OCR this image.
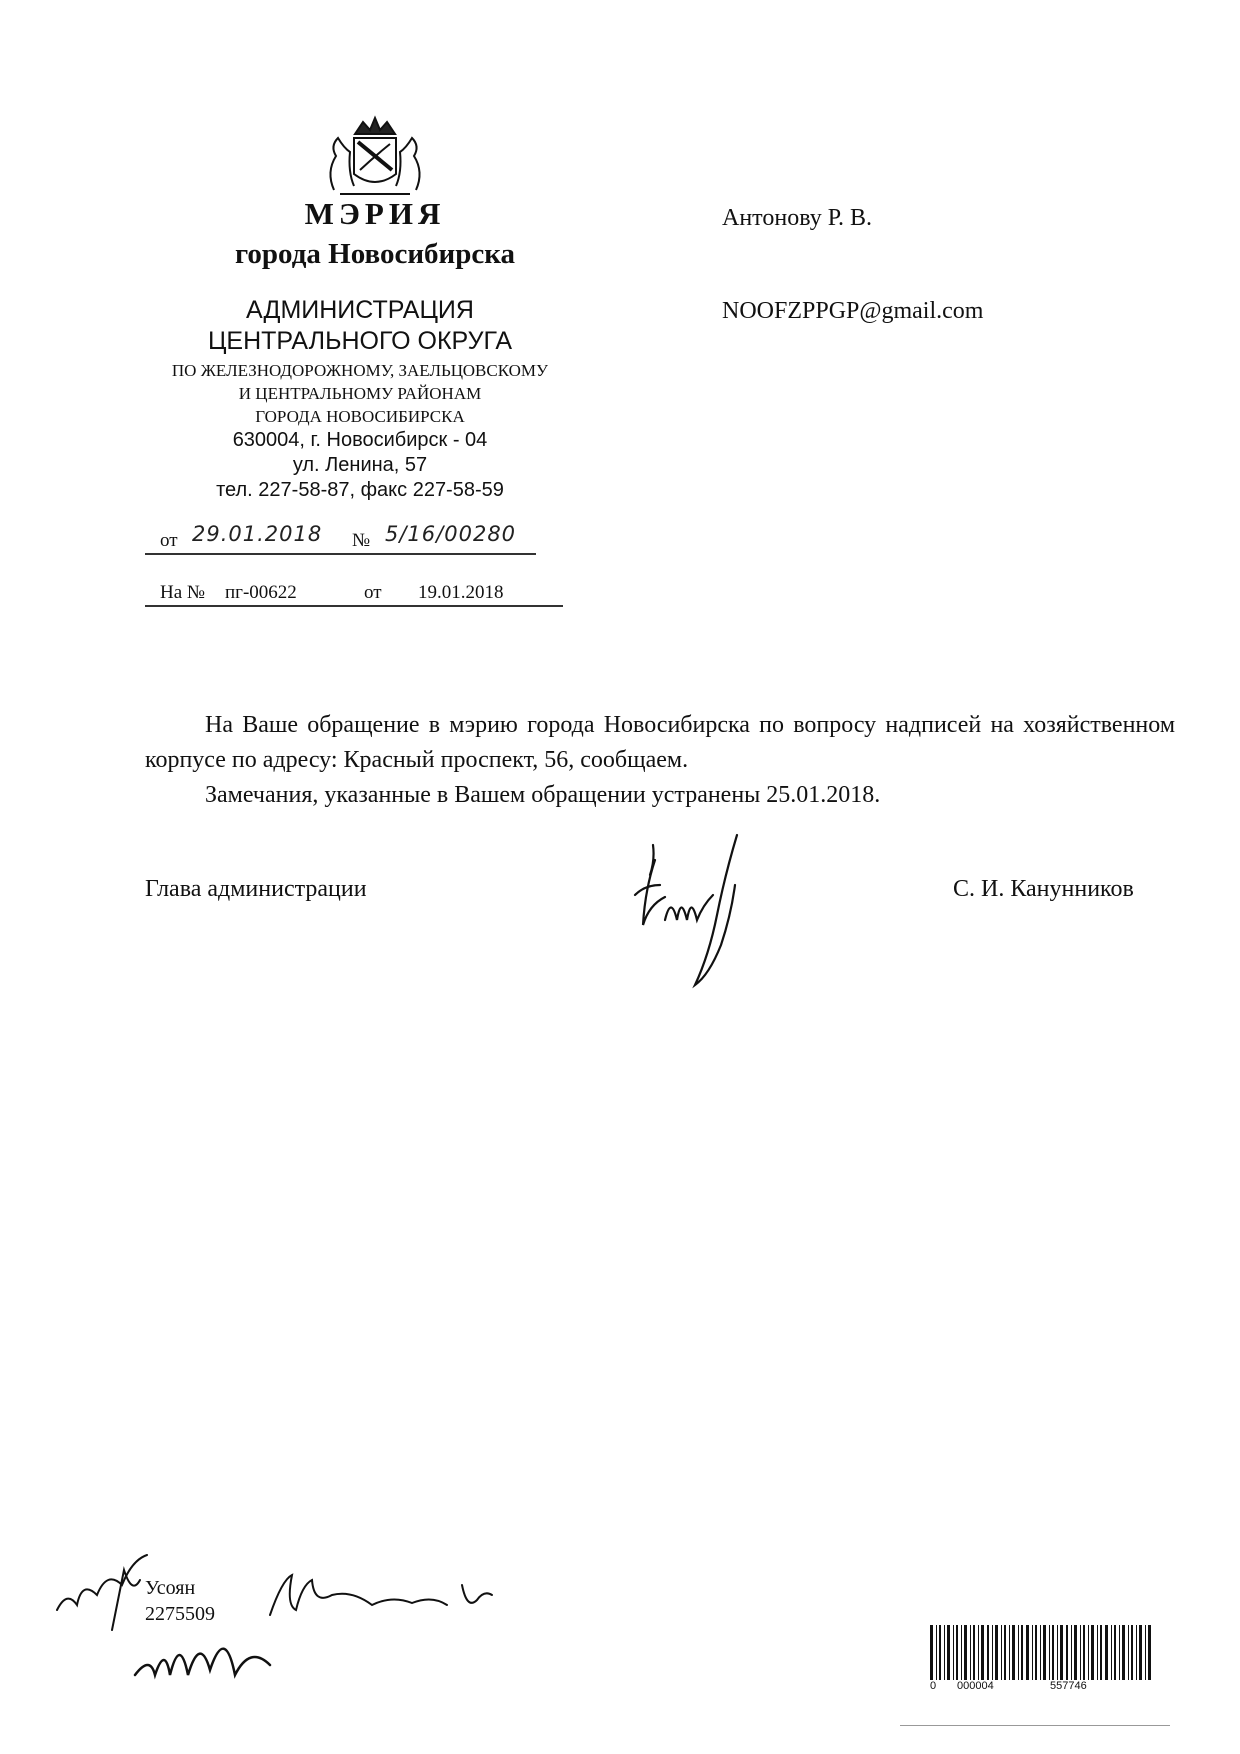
МЭРИЯ
города Новосибирска
АДМИНИСТРАЦИЯ
ЦЕНТРАЛЬНОГО ОКРУГА
ПО ЖЕЛЕЗНОДОРОЖНОМУ, ЗАЕЛЬЦОВСКОМУ
И ЦЕНТРАЛЬНОМУ РАЙОНАМ
ГОРОДА НОВОСИБИРСКА
630004, г. Новосибирск - 04
ул. Ленина, 57
тел. 227-58-87, факс 227-58-59
от 29.01.2018 № 5/16/00280
На № пг-00622	от 19.01.2018
Антонову Р. В.
NOOFZPPGP@gmail.com

На Ваше обращение в мэрию города Новосибирска по вопросу надписей на хозяйственном корпусе по адресу: Красный проспект, 56, сообщаем.

Замечания, указанные в Вашем обращении устранены 25.01.2018.

Глава администрации	С. И. Канунников
Усоян
2275509
0 000004	557746
